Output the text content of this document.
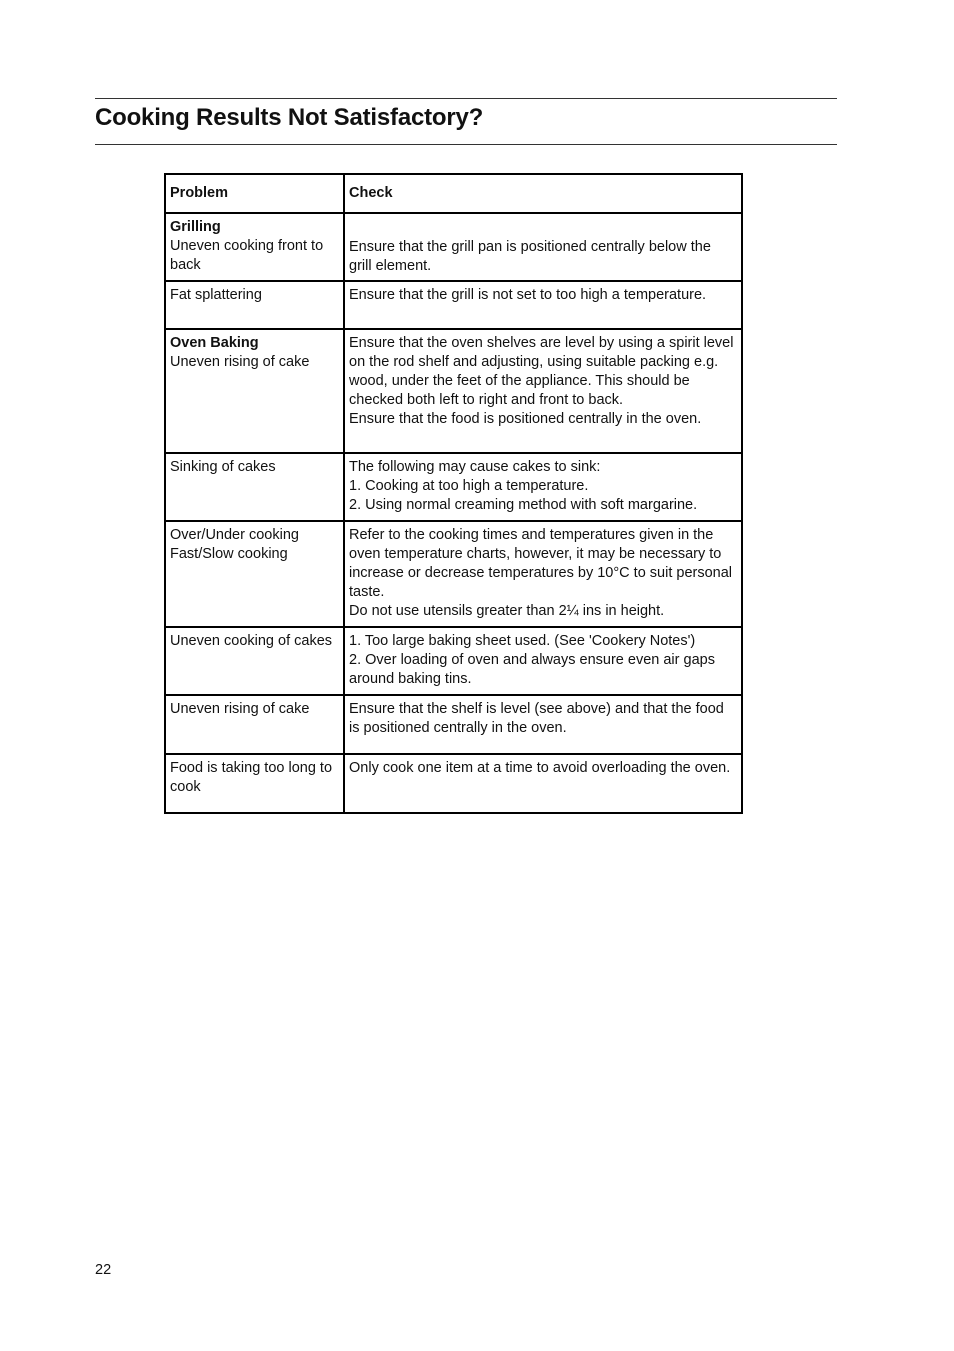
Cooking Results Not Satisfactory?
Problem	Check

Grilling
Uneven cooking front to back	Ensure that the grill pan is positioned centrally below the grill element.

Fat splattering	Ensure that the grill is not set to too high a temperature.

Oven Baking
Uneven rising of cake	Ensure that the oven shelves are level by using a spirit level on the rod shelf and adjusting, using suitable packing e.g. wood, under the feet of the appliance. This should be checked both left to right and front to back.
Ensure that the food is positioned centrally in the oven.

Sinking of cakes	The following may cause cakes to sink:
1. Cooking at too high a temperature.
2. Using normal creaming method with soft margarine.

Over/Under cooking
Fast/Slow cooking	Refer to the cooking times and temperatures given in the oven temperature charts, however, it may be necessary to increase or decrease temperatures by 10°C to suit personal taste.
Do not use utensils greater than 2¼ ins in height.

Uneven cooking of cakes	1. Too large baking sheet used. (See 'Cookery Notes')
2. Over loading of oven and always ensure even air gaps around baking tins.

Uneven rising of cake	Ensure that the shelf is level (see above) and that the food is positioned centrally in the oven.

Food is taking too long to cook	Only cook one item at a time to avoid overloading the oven.
22
